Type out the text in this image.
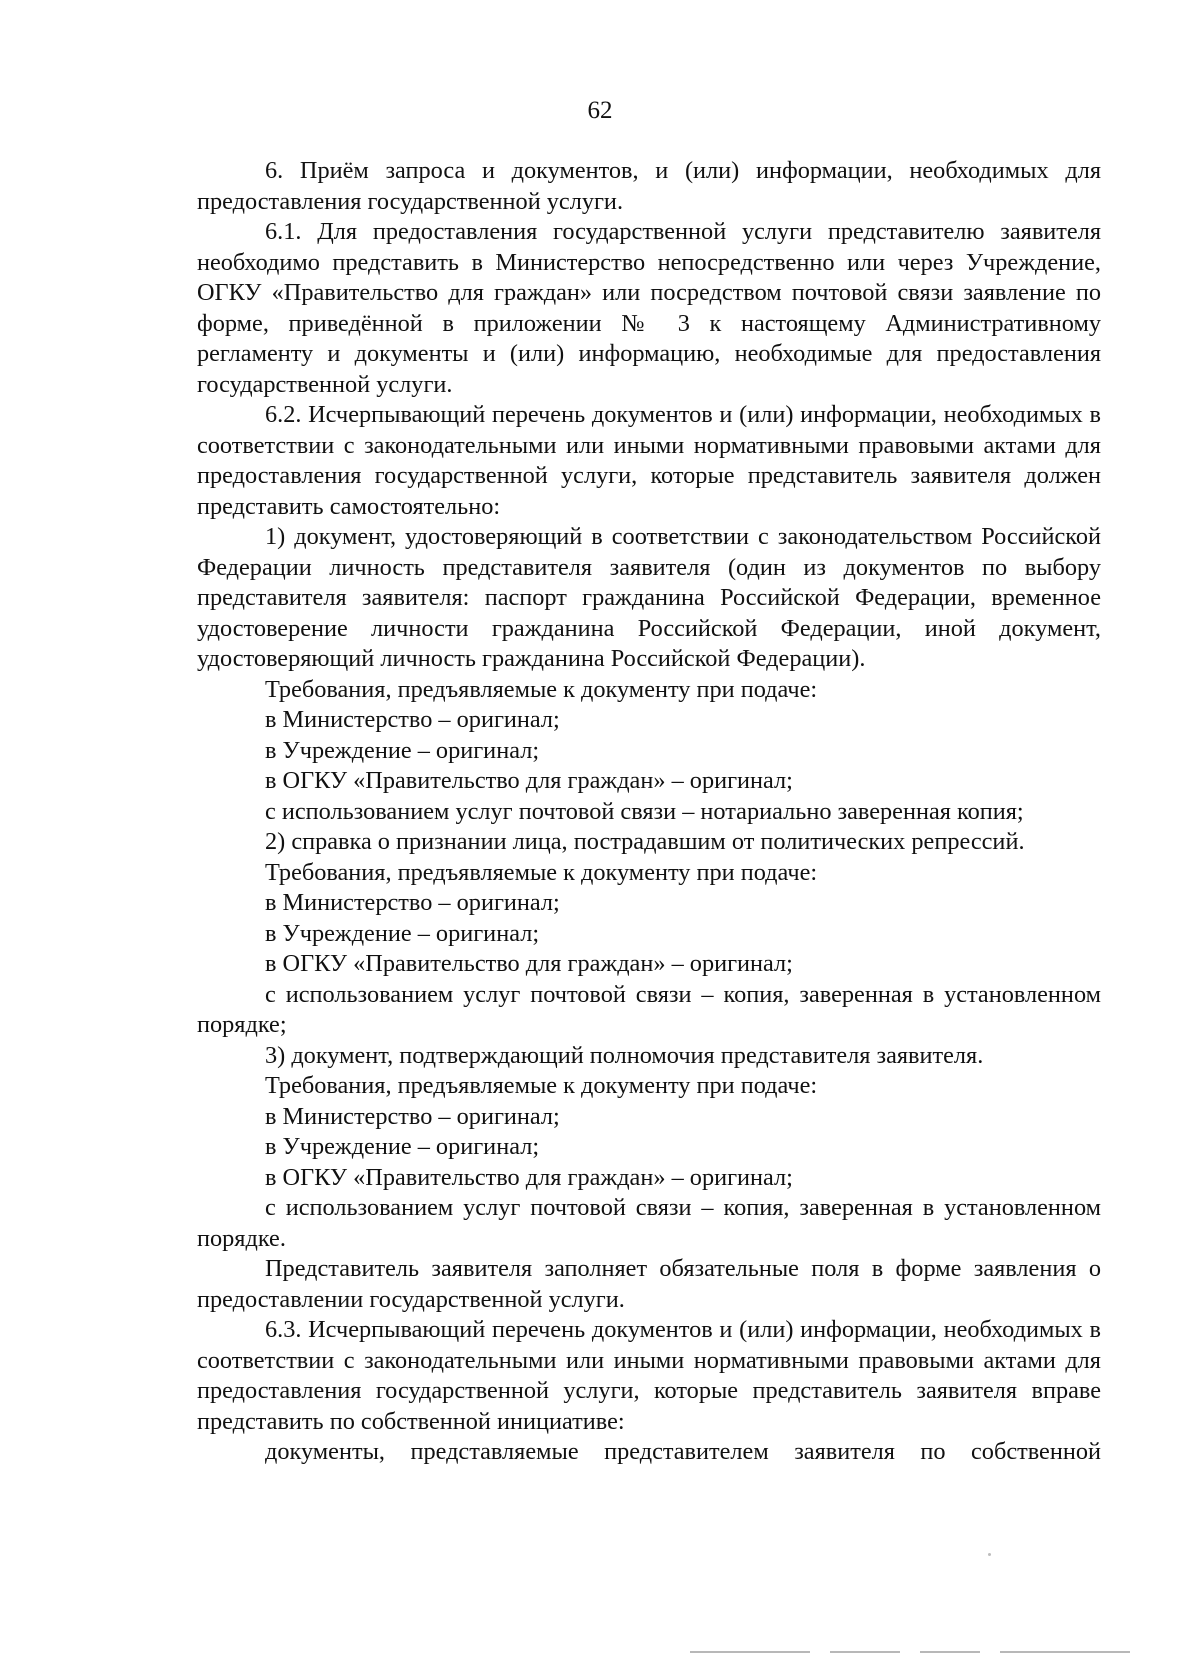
62

6. Приём запроса и документов, и (или) информации, необходимых для предоставления государственной услуги.

6.1. Для предоставления государственной услуги представителю заявителя необходимо представить в Министерство непосредственно или через Учреждение, ОГКУ «Правительство для граждан» или посредством почтовой связи заявление по форме, приведённой в приложении № 3 к настоящему Административному регламенту и документы и (или) информацию, необходимые для предоставления государственной услуги.

6.2. Исчерпывающий перечень документов и (или) информации, необходимых в соответствии с законодательными или иными нормативными правовыми актами для предоставления государственной услуги, которые представитель заявителя должен представить самостоятельно:

1) документ, удостоверяющий в соответствии с законодательством Российской Федерации личность представителя заявителя (один из документов по выбору представителя заявителя: паспорт гражданина Российской Федерации, временное удостоверение личности гражданина Российской Федерации, иной документ, удостоверяющий личность гражданина Российской Федерации).

Требования, предъявляемые к документу при подаче:

в Министерство – оригинал;

в Учреждение – оригинал;

в ОГКУ «Правительство для граждан» – оригинал;

с использованием услуг почтовой связи – нотариально заверенная копия;

2) справка о признании лица, пострадавшим от политических репрессий.

Требования, предъявляемые к документу при подаче:

в Министерство – оригинал;

в Учреждение – оригинал;

в ОГКУ «Правительство для граждан» – оригинал;

с использованием услуг почтовой связи – копия, заверенная в установленном порядке;

3) документ, подтверждающий полномочия представителя заявителя.

Требования, предъявляемые к документу при подаче:

в Министерство – оригинал;

в Учреждение – оригинал;

в ОГКУ «Правительство для граждан» – оригинал;

с использованием услуг почтовой связи – копия, заверенная в установленном порядке.

Представитель заявителя заполняет обязательные поля в форме заявления о предоставлении государственной услуги.

6.3. Исчерпывающий перечень документов и (или) информации, необходимых в соответствии с законодательными или иными нормативными правовыми актами для предоставления государственной услуги, которые представитель заявителя вправе представить по собственной инициативе:

документы, представляемые представителем заявителя по собственной
